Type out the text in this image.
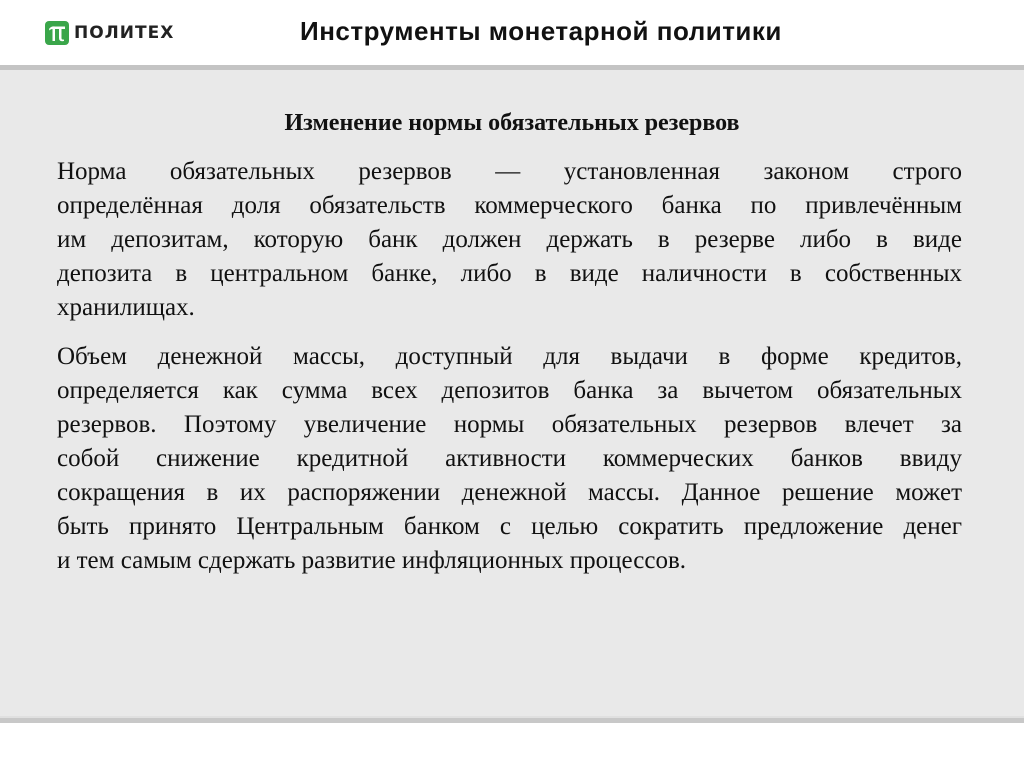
ПОЛИТЕХ	Инструменты монетарной политики
Изменение нормы обязательных резервов
Норма обязательных резервов — установленная законом строго
определённая доля обязательств коммерческого банка по привлечённым
им депозитам, которую банк должен держать в резерве либо в виде
депозита в центральном банке, либо в виде наличности в собственных
хранилищах.
Объем денежной массы, доступный для выдачи в форме кредитов,
определяется как сумма всех депозитов банка за вычетом обязательных
резервов. Поэтому увеличение нормы обязательных резервов влечет за
собой снижение кредитной активности коммерческих банков ввиду
сокращения в их распоряжении денежной массы. Данное решение может
быть принято Центральным банком с целью сократить предложение денег
и тем самым сдержать развитие инфляционных процессов.
